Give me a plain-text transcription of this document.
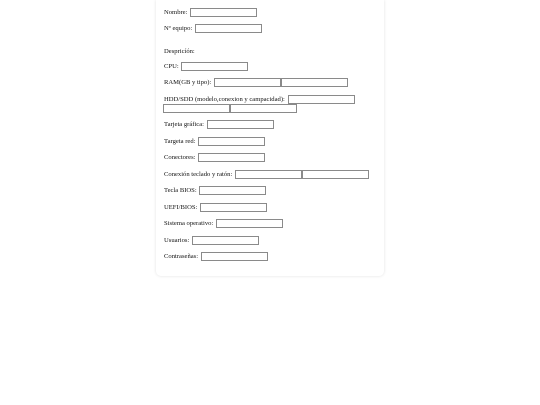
Nombre:
Nº equipo:
Despricíón:
CPU:
RAM(GB y tipo):
HDD/SDD (modelo,conexion y campacidad):
Tarjeta gráfica:
Targeta red:
Conectores:
Conexión teclado y ratón:
Tecla BIOS:
UEFI/BIOS:
Sistema operativo:
Usuarios:
Contraseñas:
